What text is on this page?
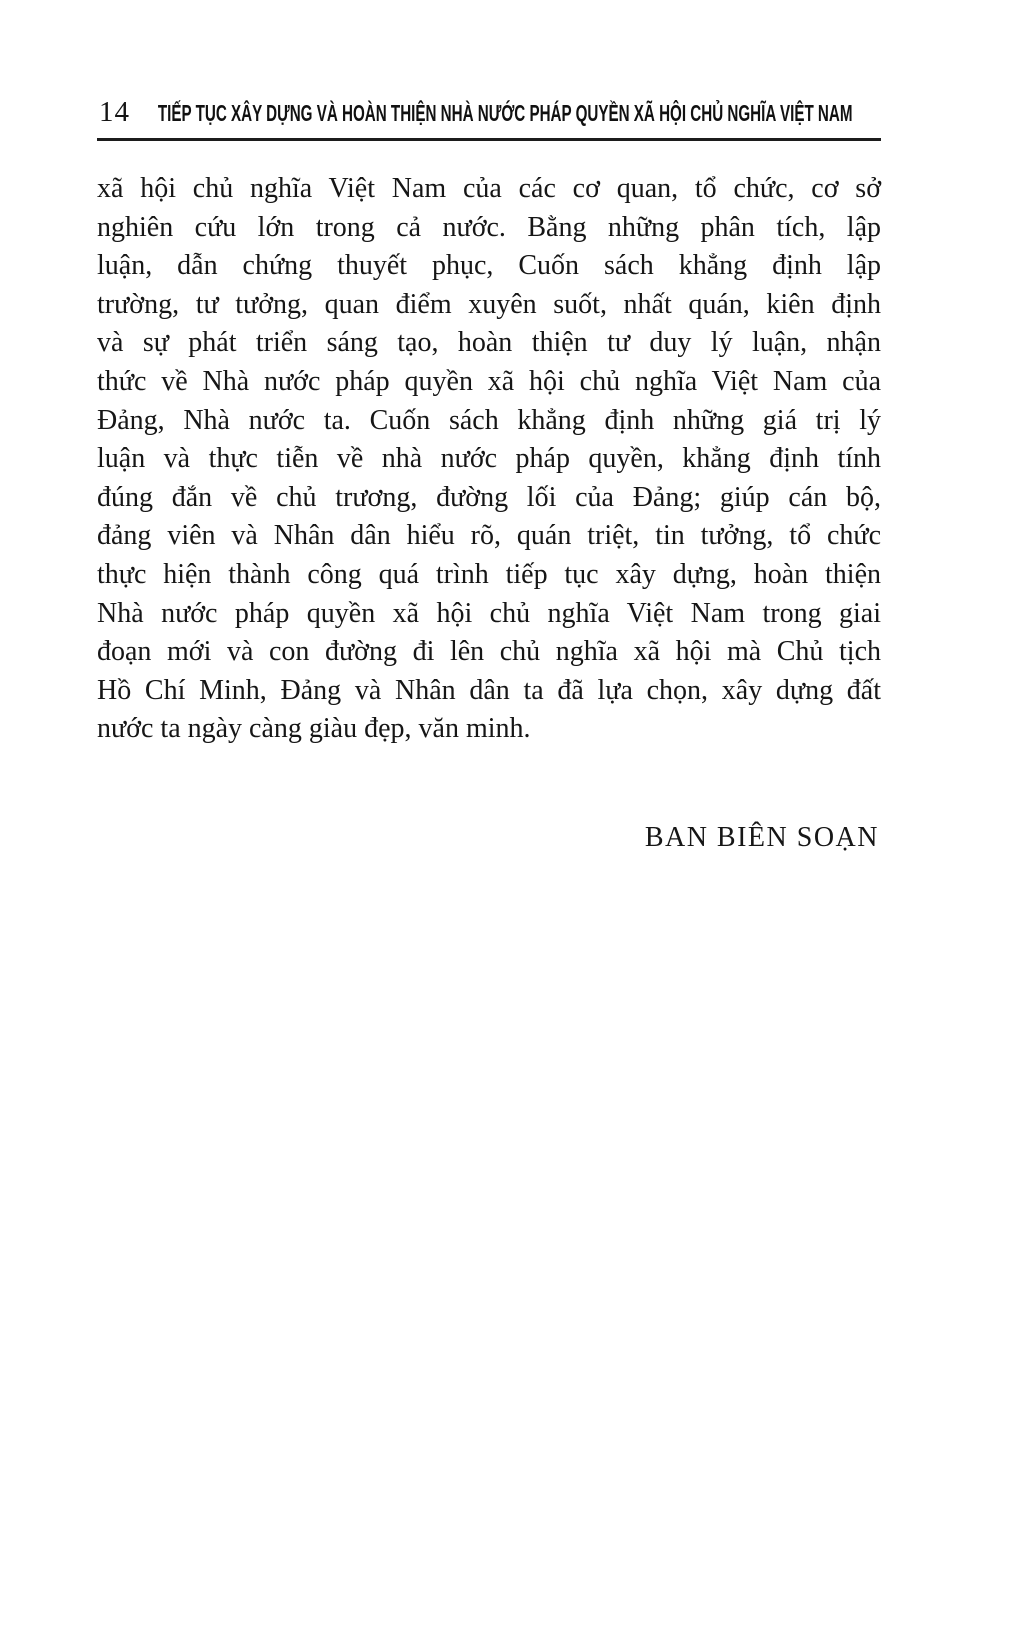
14 TIẾP TỤC XÂY DỰNG VÀ HOÀN THIỆN NHÀ NƯỚC PHÁP QUYỀN XÃ HỘI CHỦ NGHĨA VIỆT NAM
xã hội chủ nghĩa Việt Nam của các cơ quan, tổ chức, cơ sở
nghiên cứu lớn trong cả nước. Bằng những phân tích, lập
luận, dẫn chứng thuyết phục, Cuốn sách khẳng định lập
trường, tư tưởng, quan điểm xuyên suốt, nhất quán, kiên định
và sự phát triển sáng tạo, hoàn thiện tư duy lý luận, nhận
thức về Nhà nước pháp quyền xã hội chủ nghĩa Việt Nam của
Đảng, Nhà nước ta. Cuốn sách khẳng định những giá trị lý
luận và thực tiễn về nhà nước pháp quyền, khẳng định tính
đúng đắn về chủ trương, đường lối của Đảng; giúp cán bộ,
đảng viên và Nhân dân hiểu rõ, quán triệt, tin tưởng, tổ chức
thực hiện thành công quá trình tiếp tục xây dựng, hoàn thiện
Nhà nước pháp quyền xã hội chủ nghĩa Việt Nam trong giai
đoạn mới và con đường đi lên chủ nghĩa xã hội mà Chủ tịch
Hồ Chí Minh, Đảng và Nhân dân ta đã lựa chọn, xây dựng đất
nước ta ngày càng giàu đẹp, văn minh.
BAN BIÊN SOẠN
